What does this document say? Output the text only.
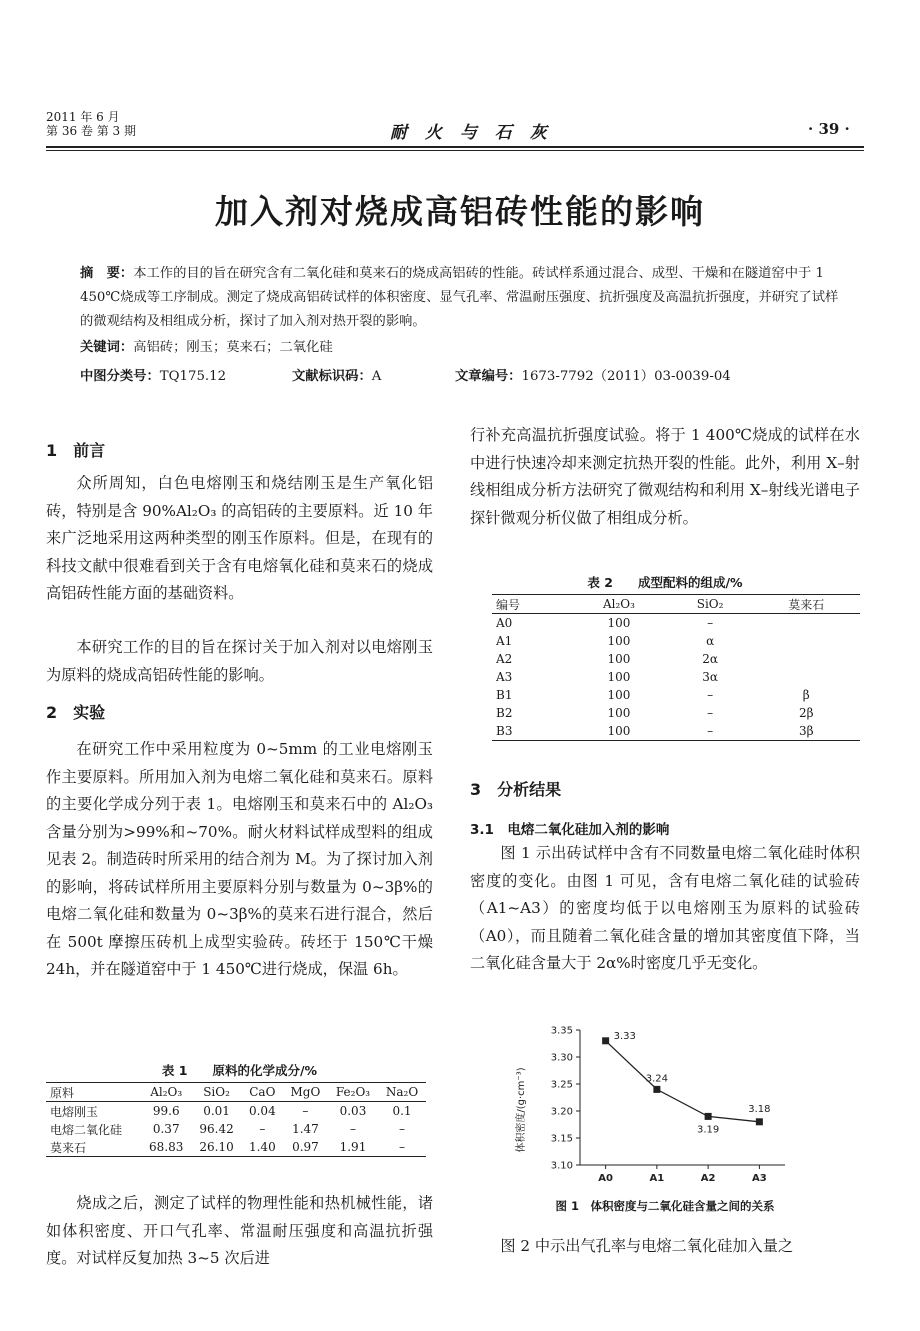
2011 年 6 月
第 36 卷 第 3 期	耐 火 与 石 灰	· 39 ·
加入剂对烧成高铝砖性能的影响
摘　要：本工作的目的旨在研究含有二氧化硅和莫来石的烧成高铝砖的性能。砖试样系通过混合、成型、干燥和在隧道窑中于 1 450℃烧成等工序制成。测定了烧成高铝砖试样的体积密度、显气孔率、常温耐压强度、抗折强度及高温抗折强度，并研究了试样的微观结构及相组成分析，探讨了加入剂对热开裂的影响。
关键词：高铝砖；刚玉；莫来石；二氧化硅
中图分类号：TQ175.12	文献标识码：A	文章编号：1673-7792（2011）03-0039-04
1　前言
众所周知，白色电熔刚玉和烧结刚玉是生产氧化铝砖，特别是含 90%Al₂O₃ 的高铝砖的主要原料。近 10 年来广泛地采用这两种类型的刚玉作原料。但是，在现有的科技文献中很难看到关于含有电熔氧化硅和莫来石的烧成高铝砖性能方面的基础资料。
本研究工作的目的旨在探讨关于加入剂对以电熔刚玉为原料的烧成高铝砖性能的影响。
2　实验
在研究工作中采用粒度为 0~5mm 的工业电熔刚玉作主要原料。所用加入剂为电熔二氧化硅和莫来石。原料的主要化学成分列于表 1。电熔刚玉和莫来石中的 Al₂O₃ 含量分别为>99%和~70%。耐火材料试样成型料的组成见表 2。制造砖时所采用的结合剂为 M。为了探讨加入剂的影响，将砖试样所用主要原料分别与数量为 0~3β%的电熔二氧化硅和数量为 0~3β%的莫来石进行混合，然后在 500t 摩擦压砖机上成型实验砖。砖坯于 150℃干燥 24h，并在隧道窑中于 1 450℃进行烧成，保温 6h。
表 1　　原料的化学成分/%
原料	Al₂O₃	SiO₂	CaO	MgO	Fe₂O₃	Na₂O
电熔刚玉	99.6	0.01	0.04	–	0.03	0.1
电熔二氧化硅	0.37	96.42	–	1.47	–	–
莫来石	68.83	26.10	1.40	0.97	1.91	–
烧成之后，测定了试样的物理性能和热机械性能，诸如体积密度、开口气孔率、常温耐压强度和高温抗折强度。对试样反复加热 3~5 次后进
行补充高温抗折强度试验。将于 1 400℃烧成的试样在水中进行快速冷却来测定抗热开裂的性能。此外，利用 X–射线相组成分析方法研究了微观结构和利用 X–射线光谱电子探针微观分析仪做了相组成分析。
表 2　　成型配料的组成/%
编号	Al₂O₃	SiO₂	莫来石
A0	100	–	
A1	100	α	
A2	100	2α	
A3	100	3α	
B1	100	–	β
B2	100	–	2β
B3	100	–	3β
3　分析结果
3.1　电熔二氧化硅加入剂的影响
图 1 示出砖试样中含有不同数量电熔二氧化硅时体积密度的变化。由图 1 可见，含有电熔二氧化硅的试验砖（A1~A3）的密度均低于以电熔刚玉为原料的试验砖（A0），而且随着二氧化硅含量的增加其密度值下降，当二氧化硅含量大于 2α%时密度几乎无变化。
体积密度/(g·cm⁻³)
3.10
3.15
3.20
3.25
3.30
3.35
A0	A1	A2	A3
3.33
3.24
3.19
3.18
图 1　体积密度与二氧化硅含量之间的关系
图 2 中示出气孔率与电熔二氧化硅加入量之
